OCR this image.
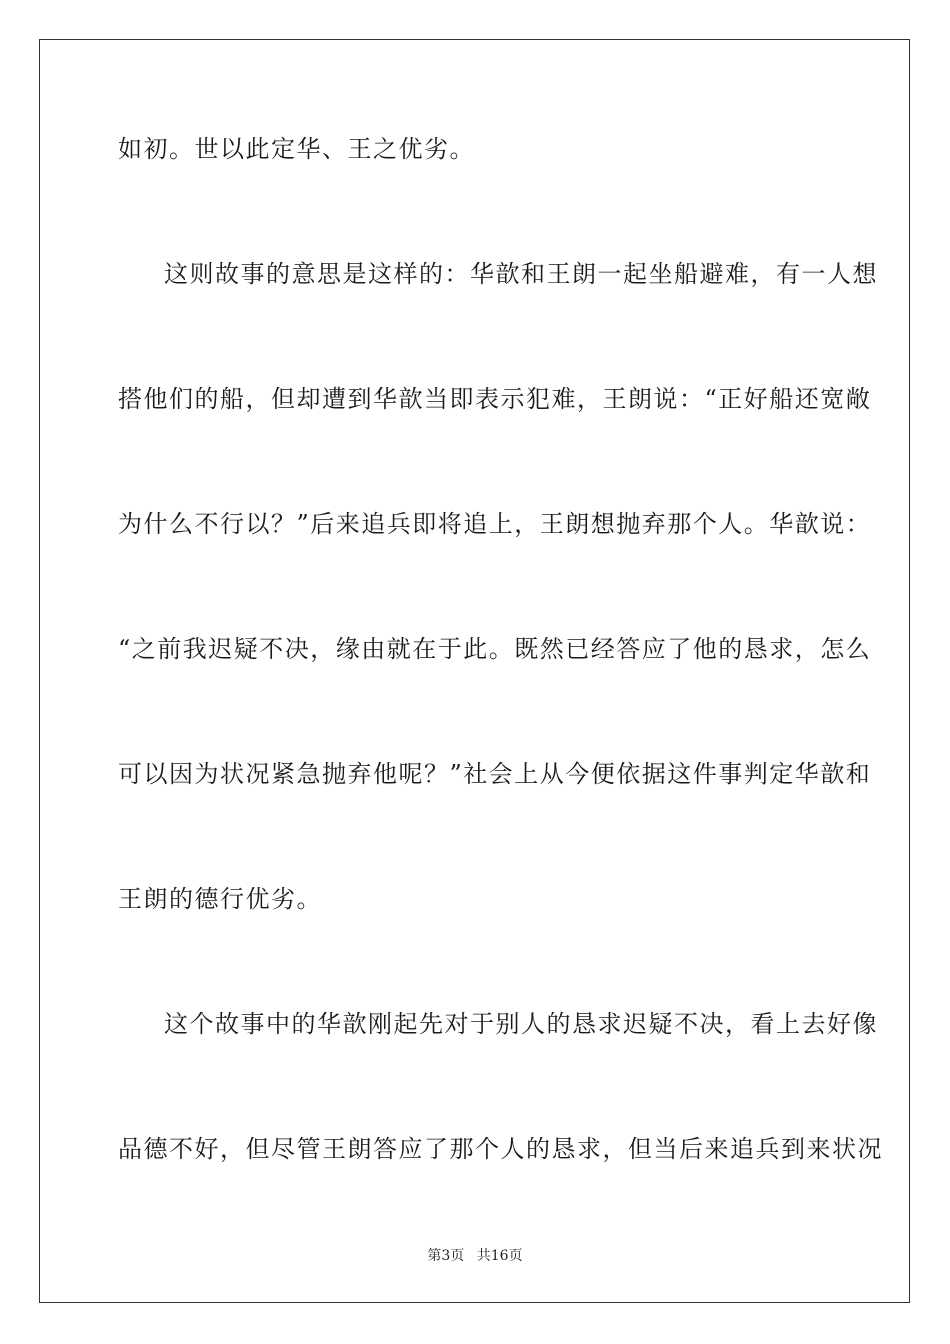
如初。世以此定华、王之优劣。
这则故事的意思是这样的：华歆和王朗一起坐船避难，有一人想
搭他们的船，但却遭到华歆当即表示犯难，王朗说：“正好船还宽敞
为什么不行以？”后来追兵即将追上，王朗想抛弃那个人。华歆说：
“之前我迟疑不决，缘由就在于此。既然已经答应了他的恳求，怎么
可以因为状况紧急抛弃他呢？”社会上从今便依据这件事判定华歆和
王朗的德行优劣。
这个故事中的华歆刚起先对于别人的恳求迟疑不决，看上去好像
品德不好，但尽管王朗答应了那个人的恳求，但当后来追兵到来状况
第3页 共16页
